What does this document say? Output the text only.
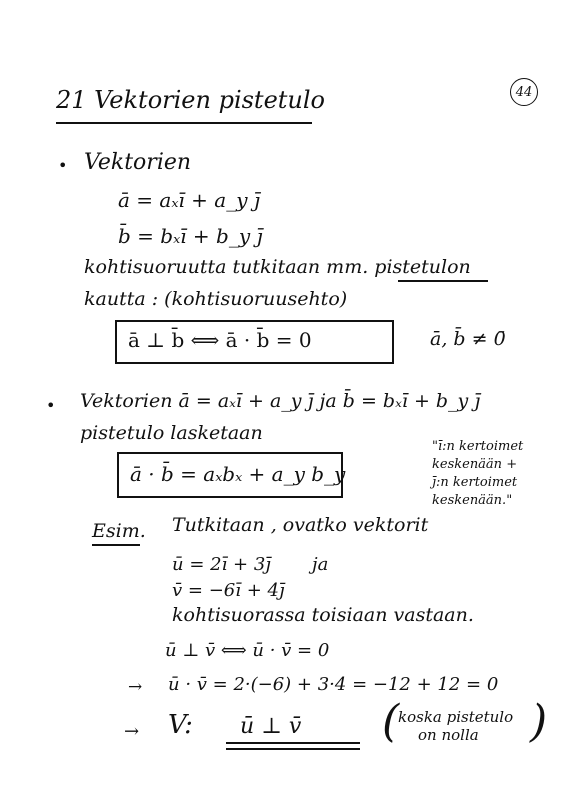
44
21 Vektorien pistetulo
• Vektorien
ā = aₓī + a_y j̄
b̄ = bₓī + b_y j̄
kohtisuoruutta tutkitaan mm. pistetulon
kautta : (kohtisuoruusehto)
ā ⊥ b̄ ⟺ ā · b̄ = 0	ā, b̄ ≠ 0̄
• Vektorien ā = aₓī + a_y j̄ ja b̄ = bₓī + b_y j̄
pistetulo lasketaan
ā · b̄ = aₓbₓ + a_y b_y
"ī:n kertoimet
keskenään +
j̄:n kertoimet
keskenään."
Esim. Tutkitaan , ovatko vektorit
ū = 2ī + 3j̄ ja
v̄ = −6ī + 4j̄
kohtisuorassa toisiaan vastaan.
ū ⊥ v̄ ⟺ ū · v̄ = 0
→ ū · v̄ = 2·(−6) + 3·4 = −12 + 12 = 0
→ V: ū ⊥ v̄ (
koska pistetulo
on nolla )
